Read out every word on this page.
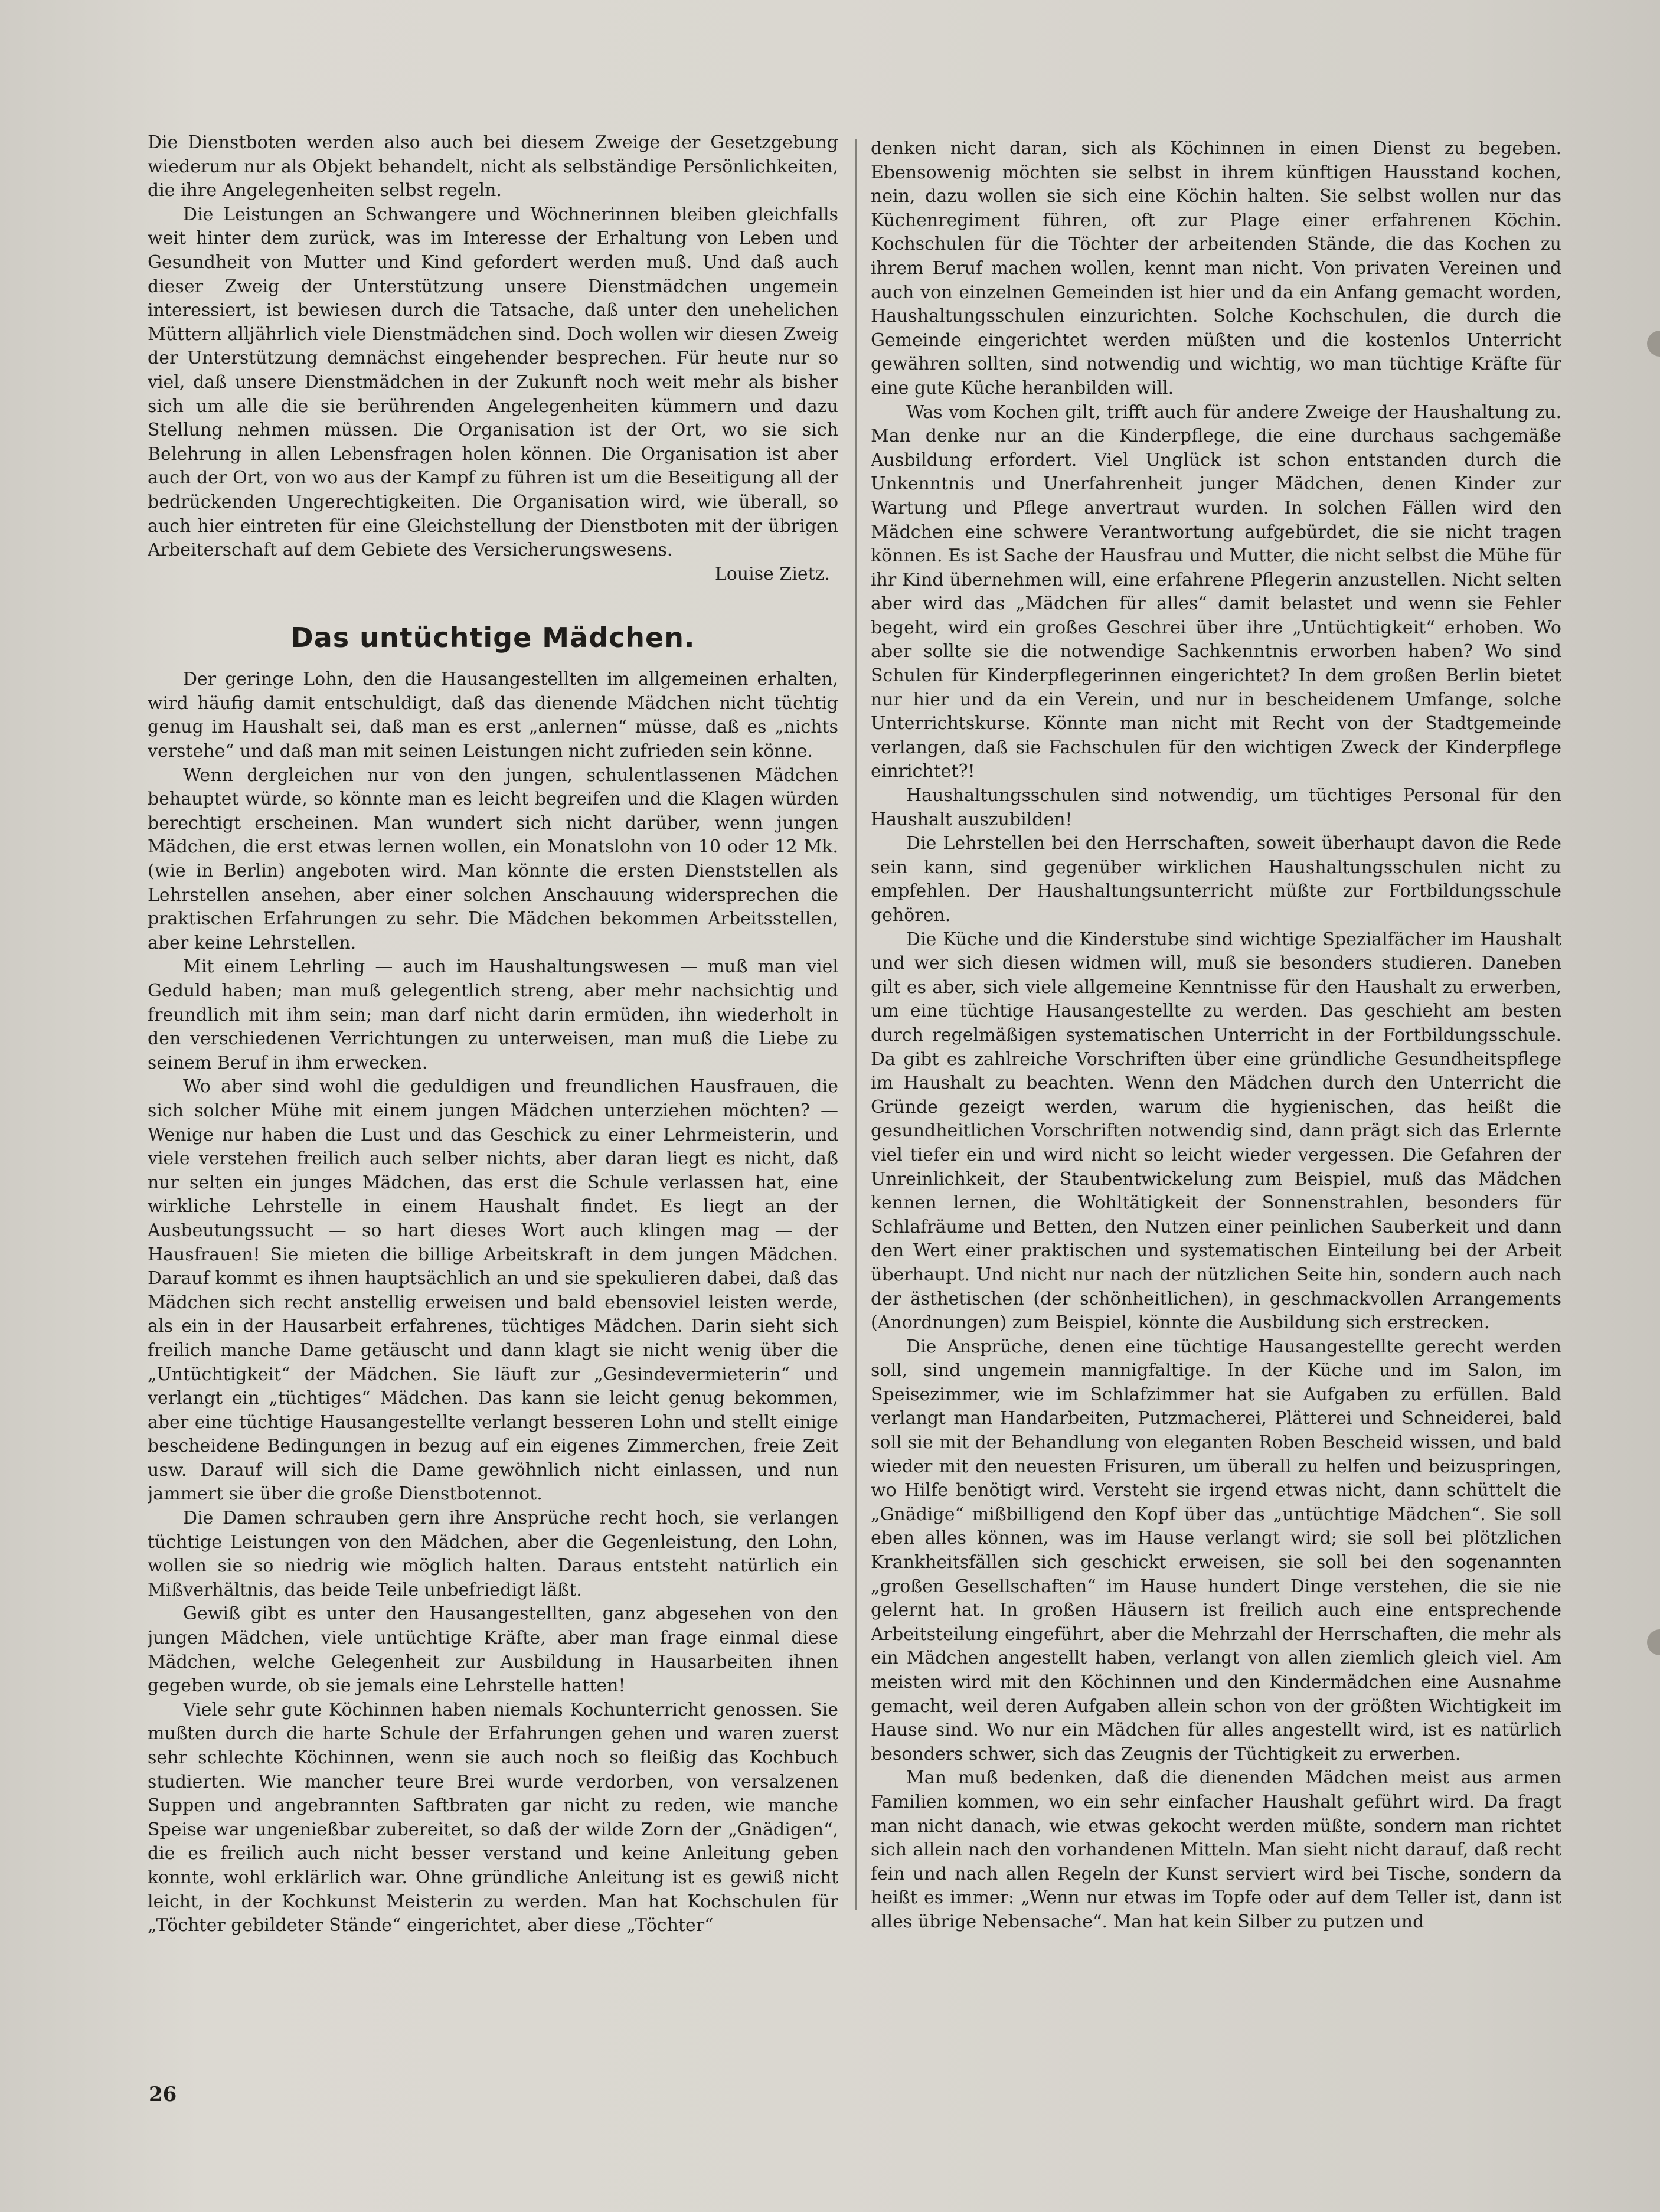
Die Dienstboten werden also auch bei diesem Zweige der Gesetzgebung wiederum nur als Objekt behandelt, nicht als selbständige Persönlichkeiten, die ihre Angelegenheiten selbst regeln.

Die Leistungen an Schwangere und Wöchnerinnen bleiben gleichfalls weit hinter dem zurück, was im Interesse der Erhaltung von Leben und Gesundheit von Mutter und Kind gefordert werden muß. Und daß auch dieser Zweig der Unterstützung unsere Dienstmädchen ungemein interessiert, ist bewiesen durch die Tatsache, daß unter den unehelichen Müttern alljährlich viele Dienstmädchen sind. Doch wollen wir diesen Zweig der Unterstützung demnächst eingehender besprechen. Für heute nur so viel, daß unsere Dienstmädchen in der Zukunft noch weit mehr als bisher sich um alle die sie berührenden Angelegenheiten kümmern und dazu Stellung nehmen müssen. Die Organisation ist der Ort, wo sie sich Belehrung in allen Lebensfragen holen können. Die Organisation ist aber auch der Ort, von wo aus der Kampf zu führen ist um die Beseitigung all der bedrückenden Ungerechtigkeiten. Die Organisation wird, wie überall, so auch hier eintreten für eine Gleichstellung der Dienstboten mit der übrigen Arbeiterschaft auf dem Gebiete des Versicherungswesens.

Louise Zietz.

Das untüchtige Mädchen.

Der geringe Lohn, den die Hausangestellten im allgemeinen erhalten, wird häufig damit entschuldigt, daß das dienende Mädchen nicht tüchtig genug im Haushalt sei, daß man es erst „anlernen“ müsse, daß es „nichts verstehe“ und daß man mit seinen Leistungen nicht zufrieden sein könne.

Wenn dergleichen nur von den jungen, schulentlassenen Mädchen behauptet würde, so könnte man es leicht begreifen und die Klagen würden berechtigt erscheinen. Man wundert sich nicht darüber, wenn jungen Mädchen, die erst etwas lernen wollen, ein Monatslohn von 10 oder 12 Mk. (wie in Berlin) angeboten wird. Man könnte die ersten Dienststellen als Lehrstellen ansehen, aber einer solchen Anschauung widersprechen die praktischen Erfahrungen zu sehr. Die Mädchen bekommen Arbeitsstellen, aber keine Lehrstellen.

Mit einem Lehrling — auch im Haushaltungswesen — muß man viel Geduld haben; man muß gelegentlich streng, aber mehr nachsichtig und freundlich mit ihm sein; man darf nicht darin ermüden, ihn wiederholt in den verschiedenen Verrichtungen zu unterweisen, man muß die Liebe zu seinem Beruf in ihm erwecken.

Wo aber sind wohl die geduldigen und freundlichen Hausfrauen, die sich solcher Mühe mit einem jungen Mädchen unterziehen möchten? — Wenige nur haben die Lust und das Geschick zu einer Lehrmeisterin, und viele verstehen freilich auch selber nichts, aber daran liegt es nicht, daß nur selten ein junges Mädchen, das erst die Schule verlassen hat, eine wirkliche Lehrstelle in einem Haushalt findet. Es liegt an der Ausbeutungssucht — so hart dieses Wort auch klingen mag — der Hausfrauen! Sie mieten die billige Arbeitskraft in dem jungen Mädchen. Darauf kommt es ihnen hauptsächlich an und sie spekulieren dabei, daß das Mädchen sich recht anstellig erweisen und bald ebensoviel leisten werde, als ein in der Hausarbeit erfahrenes, tüchtiges Mädchen. Darin sieht sich freilich manche Dame getäuscht und dann klagt sie nicht wenig über die „Untüchtigkeit“ der Mädchen. Sie läuft zur „Gesindevermieterin“ und verlangt ein „tüchtiges“ Mädchen. Das kann sie leicht genug bekommen, aber eine tüchtige Hausangestellte verlangt besseren Lohn und stellt einige bescheidene Bedingungen in bezug auf ein eigenes Zimmerchen, freie Zeit usw. Darauf will sich die Dame gewöhnlich nicht einlassen, und nun jammert sie über die große Dienstbotennot.

Die Damen schrauben gern ihre Ansprüche recht hoch, sie verlangen tüchtige Leistungen von den Mädchen, aber die Gegenleistung, den Lohn, wollen sie so niedrig wie möglich halten. Daraus entsteht natürlich ein Mißverhältnis, das beide Teile unbefriedigt läßt.

Gewiß gibt es unter den Hausangestellten, ganz abgesehen von den jungen Mädchen, viele untüchtige Kräfte, aber man frage einmal diese Mädchen, welche Gelegenheit zur Ausbildung in Hausarbeiten ihnen gegeben wurde, ob sie jemals eine Lehrstelle hatten!

Viele sehr gute Köchinnen haben niemals Kochunterricht genossen. Sie mußten durch die harte Schule der Erfahrungen gehen und waren zuerst sehr schlechte Köchinnen, wenn sie auch noch so fleißig das Kochbuch studierten. Wie mancher teure Brei wurde verdorben, von versalzenen Suppen und angebrannten Saftbraten gar nicht zu reden, wie manche Speise war ungenießbar zubereitet, so daß der wilde Zorn der „Gnädigen“, die es freilich auch nicht besser verstand und keine Anleitung geben konnte, wohl erklärlich war. Ohne gründliche Anleitung ist es gewiß nicht leicht, in der Kochkunst Meisterin zu werden. Man hat Kochschulen für „Töchter gebildeter Stände“ eingerichtet, aber diese „Töchter“

denken nicht daran, sich als Köchinnen in einen Dienst zu begeben. Ebensowenig möchten sie selbst in ihrem künftigen Hausstand kochen, nein, dazu wollen sie sich eine Köchin halten. Sie selbst wollen nur das Küchenregiment führen, oft zur Plage einer erfahrenen Köchin. Kochschulen für die Töchter der arbeitenden Stände, die das Kochen zu ihrem Beruf machen wollen, kennt man nicht. Von privaten Vereinen und auch von einzelnen Gemeinden ist hier und da ein Anfang gemacht worden, Haushaltungsschulen einzurichten. Solche Kochschulen, die durch die Gemeinde eingerichtet werden müßten und die kostenlos Unterricht gewähren sollten, sind notwendig und wichtig, wo man tüchtige Kräfte für eine gute Küche heranbilden will.

Was vom Kochen gilt, trifft auch für andere Zweige der Haushaltung zu. Man denke nur an die Kinderpflege, die eine durchaus sachgemäße Ausbildung erfordert. Viel Unglück ist schon entstanden durch die Unkenntnis und Unerfahrenheit junger Mädchen, denen Kinder zur Wartung und Pflege anvertraut wurden. In solchen Fällen wird den Mädchen eine schwere Verantwortung aufgebürdet, die sie nicht tragen können. Es ist Sache der Hausfrau und Mutter, die nicht selbst die Mühe für ihr Kind übernehmen will, eine erfahrene Pflegerin anzustellen. Nicht selten aber wird das „Mädchen für alles“ damit belastet und wenn sie Fehler begeht, wird ein großes Geschrei über ihre „Untüchtigkeit“ erhoben. Wo aber sollte sie die notwendige Sachkenntnis erworben haben? Wo sind Schulen für Kinderpflegerinnen eingerichtet? In dem großen Berlin bietet nur hier und da ein Verein, und nur in bescheidenem Umfange, solche Unterrichtskurse. Könnte man nicht mit Recht von der Stadtgemeinde verlangen, daß sie Fachschulen für den wichtigen Zweck der Kinderpflege einrichtet?!

Haushaltungsschulen sind notwendig, um tüchtiges Personal für den Haushalt auszubilden!

Die Lehrstellen bei den Herrschaften, soweit überhaupt davon die Rede sein kann, sind gegenüber wirklichen Haushaltungsschulen nicht zu empfehlen. Der Haushaltungsunterricht müßte zur Fortbildungsschule gehören.

Die Küche und die Kinderstube sind wichtige Spezialfächer im Haushalt und wer sich diesen widmen will, muß sie besonders studieren. Daneben gilt es aber, sich viele allgemeine Kenntnisse für den Haushalt zu erwerben, um eine tüchtige Hausangestellte zu werden. Das geschieht am besten durch regelmäßigen systematischen Unterricht in der Fortbildungsschule. Da gibt es zahlreiche Vorschriften über eine gründliche Gesundheitspflege im Haushalt zu beachten. Wenn den Mädchen durch den Unterricht die Gründe gezeigt werden, warum die hygienischen, das heißt die gesundheitlichen Vorschriften notwendig sind, dann prägt sich das Erlernte viel tiefer ein und wird nicht so leicht wieder vergessen. Die Gefahren der Unreinlichkeit, der Staubentwickelung zum Beispiel, muß das Mädchen kennen lernen, die Wohltätigkeit der Sonnenstrahlen, besonders für Schlafräume und Betten, den Nutzen einer peinlichen Sauberkeit und dann den Wert einer praktischen und systematischen Einteilung bei der Arbeit überhaupt. Und nicht nur nach der nützlichen Seite hin, sondern auch nach der ästhetischen (der schönheitlichen), in geschmackvollen Arrangements (Anordnungen) zum Beispiel, könnte die Ausbildung sich erstrecken.

Die Ansprüche, denen eine tüchtige Hausangestellte gerecht werden soll, sind ungemein mannigfaltige. In der Küche und im Salon, im Speisezimmer, wie im Schlafzimmer hat sie Aufgaben zu erfüllen. Bald verlangt man Handarbeiten, Putzmacherei, Plätterei und Schneiderei, bald soll sie mit der Behandlung von eleganten Roben Bescheid wissen, und bald wieder mit den neuesten Frisuren, um überall zu helfen und beizuspringen, wo Hilfe benötigt wird. Versteht sie irgend etwas nicht, dann schüttelt die „Gnädige“ mißbilligend den Kopf über das „untüchtige Mädchen“. Sie soll eben alles können, was im Hause verlangt wird; sie soll bei plötzlichen Krankheitsfällen sich geschickt erweisen, sie soll bei den sogenannten „großen Gesellschaften“ im Hause hundert Dinge verstehen, die sie nie gelernt hat. In großen Häusern ist freilich auch eine entsprechende Arbeitsteilung eingeführt, aber die Mehrzahl der Herrschaften, die mehr als ein Mädchen angestellt haben, verlangt von allen ziemlich gleich viel. Am meisten wird mit den Köchinnen und den Kindermädchen eine Ausnahme gemacht, weil deren Aufgaben allein schon von der größten Wichtigkeit im Hause sind. Wo nur ein Mädchen für alles angestellt wird, ist es natürlich besonders schwer, sich das Zeugnis der Tüchtigkeit zu erwerben.

Man muß bedenken, daß die dienenden Mädchen meist aus armen Familien kommen, wo ein sehr einfacher Haushalt geführt wird. Da fragt man nicht danach, wie etwas gekocht werden müßte, sondern man richtet sich allein nach den vorhandenen Mitteln. Man sieht nicht darauf, daß recht fein und nach allen Regeln der Kunst serviert wird bei Tische, sondern da heißt es immer: „Wenn nur etwas im Topfe oder auf dem Teller ist, dann ist alles übrige Nebensache“. Man hat kein Silber zu putzen und

26
